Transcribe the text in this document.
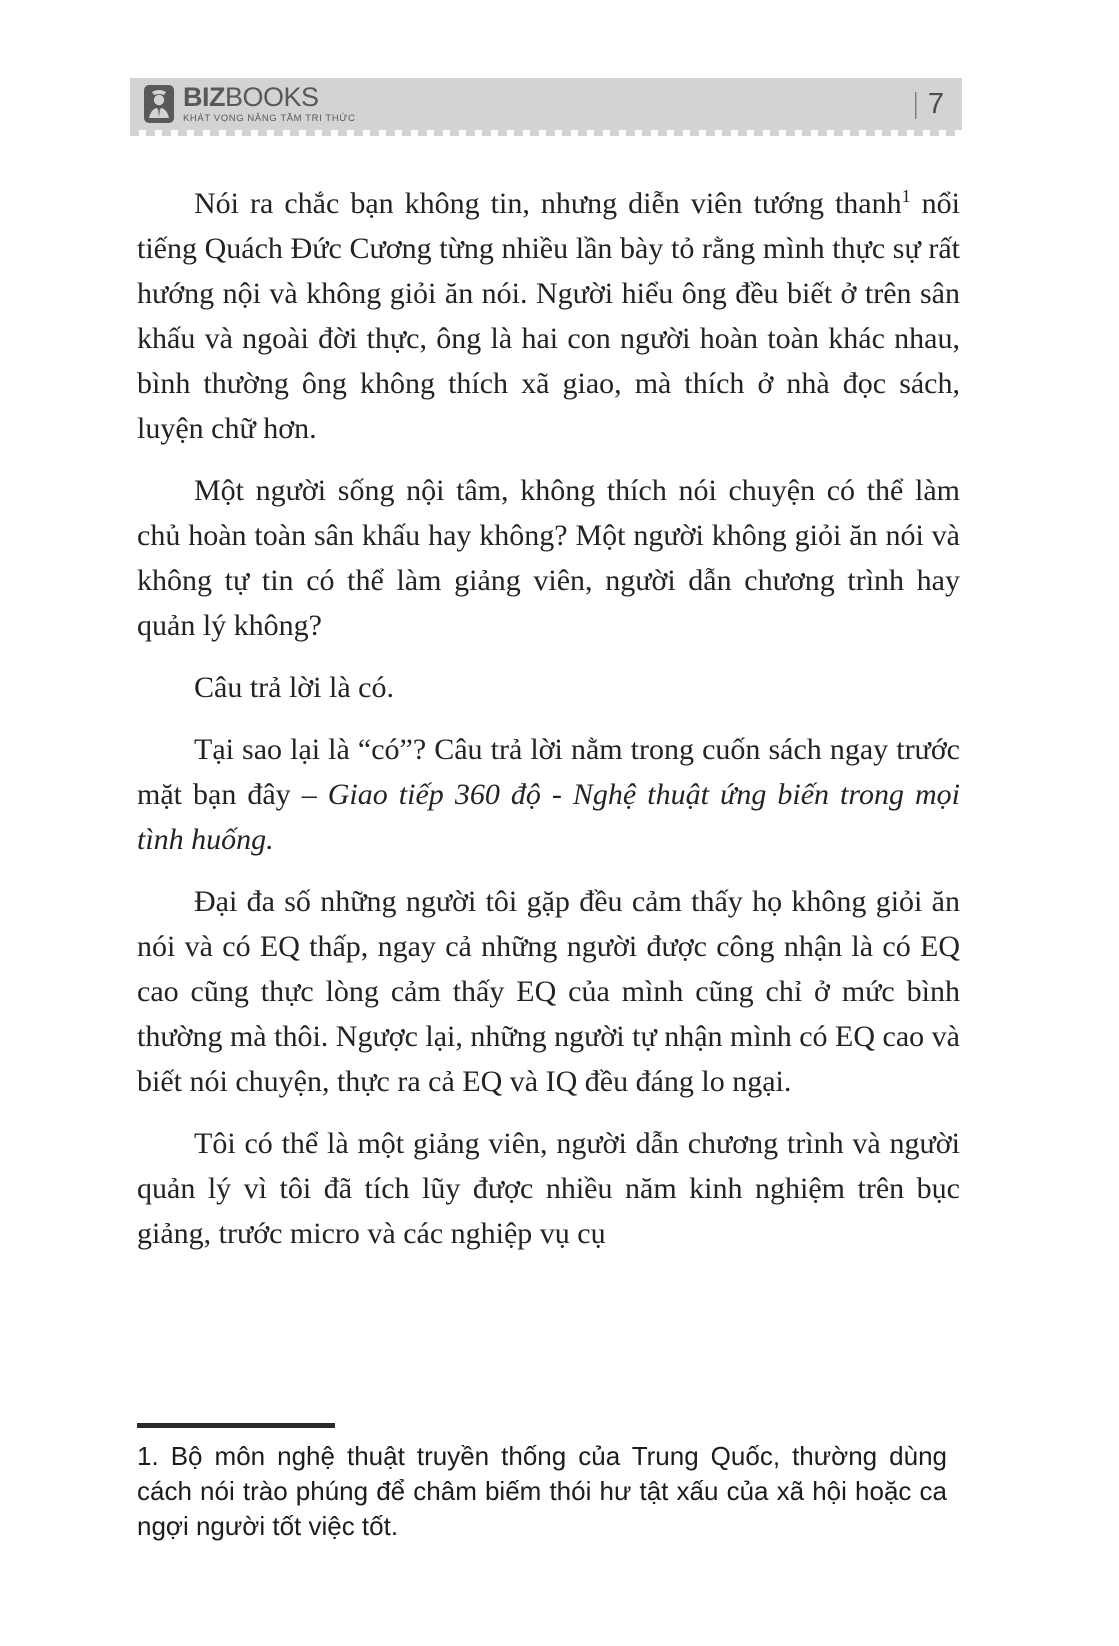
BIZBOOKS
KHÁT VỌNG NÂNG TẦM TRI THỨC	| 7

Nói ra chắc bạn không tin, nhưng diễn viên tướng thanh$^1$ nổi tiếng Quách Đức Cương từng nhiều lần bày tỏ rằng mình thực sự rất hướng nội và không giỏi ăn nói. Người hiểu ông đều biết ở trên sân khấu và ngoài đời thực, ông là hai con người hoàn toàn khác nhau, bình thường ông không thích xã giao, mà thích ở nhà đọc sách, luyện chữ hơn.

Một người sống nội tâm, không thích nói chuyện có thể làm chủ hoàn toàn sân khấu hay không? Một người không giỏi ăn nói và không tự tin có thể làm giảng viên, người dẫn chương trình hay quản lý không?

Câu trả lời là có.

Tại sao lại là “có”? Câu trả lời nằm trong cuốn sách ngay trước mặt bạn đây – Giao tiếp 360 độ - Nghệ thuật ứng biến trong mọi tình huống.

Đại đa số những người tôi gặp đều cảm thấy họ không giỏi ăn nói và có EQ thấp, ngay cả những người được công nhận là có EQ cao cũng thực lòng cảm thấy EQ của mình cũng chỉ ở mức bình thường mà thôi. Ngược lại, những người tự nhận mình có EQ cao và biết nói chuyện, thực ra cả EQ và IQ đều đáng lo ngại.

Tôi có thể là một giảng viên, người dẫn chương trình và người quản lý vì tôi đã tích lũy được nhiều năm kinh nghiệm trên bục giảng, trước micro và các nghiệp vụ cụ

1. Bộ môn nghệ thuật truyền thống của Trung Quốc, thường dùng cách nói trào phúng để châm biếm thói hư tật xấu của xã hội hoặc ca ngợi người tốt việc tốt.
